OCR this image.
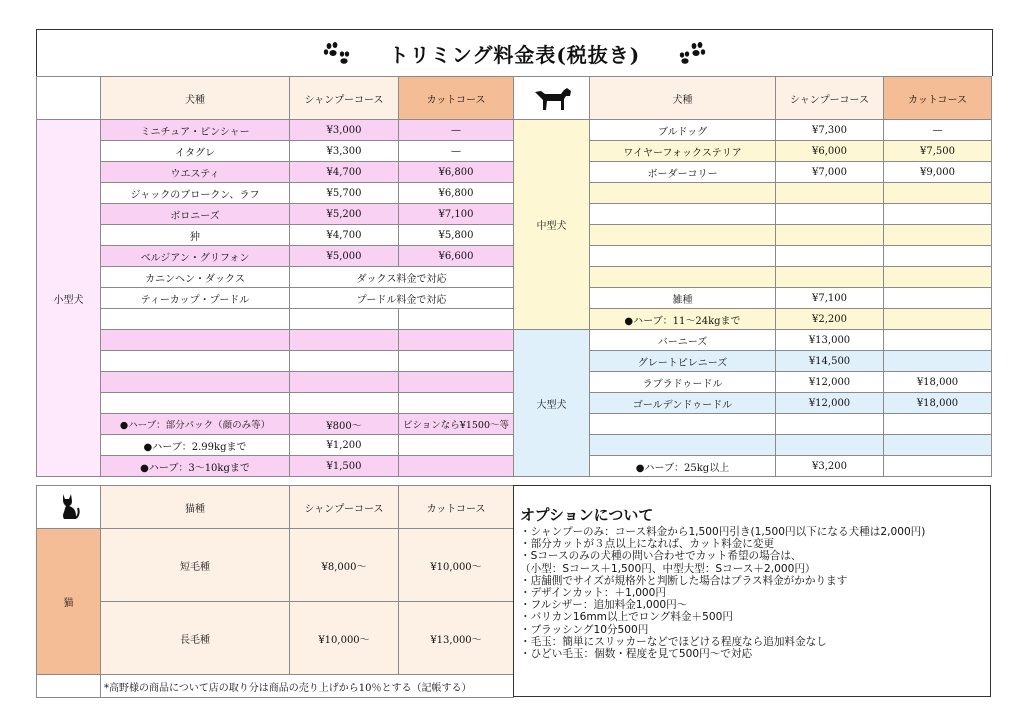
トリミング料金表(税抜き)
	犬種	シャンプーコース	カットコース		犬種	シャンプーコース	カットコース
小型犬	ミニチュア・ピンシャー	¥3,000	—	中型犬	ブルドッグ	¥7,300	—
	イタグレ	¥3,300	—		ワイヤーフォックステリア	¥6,000	¥7,500
	ウエスティ	¥4,700	¥6,800		ボーダーコリー	¥7,000	¥9,000
	ジャックのブロークン、ラフ	¥5,700	¥6,800				
	ボロニーズ	¥5,200	¥7,100				
	狆	¥4,700	¥5,800				
	ベルジアン・グリフォン	¥5,000	¥6,600				
	カニンヘン・ダックス	ダックス料金で対応					
	ティーカップ・プードル	プードル料金で対応			雑種	¥7,100	
					●ハーブ：11～24kgまで	¥2,200	
				大型犬	バーニーズ	¥13,000	
					グレートピレニーズ	¥14,500	
					ラブラドゥードル	¥12,000	¥18,000
					ゴールデンドゥードル	¥12,000	¥18,000
	●ハーブ：部分パック（顔のみ等）	¥800～	ビションなら¥1500～等				
	●ハーブ：2.99kgまで	¥1,200					
	●ハーブ：3～10kgまで	¥1,500			●ハーブ：25kg以上	¥3,200	
	猫種	シャンプーコース	カットコース
猫	短毛種	¥8,000～	¥10,000～
	長毛種	¥10,000～	¥13,000～
	*高野様の商品について店の取り分は商品の売り上げから10％とする（記帳する）		
オプションについて
・シャンプーのみ：コース料金から1,500円引き(1,500円以下になる犬種は2,000円)
・部分カットが３点以上になれば、カット料金に変更
・Sコースのみの犬種の問い合わせでカット希望の場合は、
（小型：Sコース＋1,500円、中型大型：Sコース＋2,000円）
・店舗側でサイズが規格外と判断した場合はプラス料金がかかります
・デザインカット：＋1,000円
・フルシザー：追加料金1,000円～
・バリカン16mm以上でロング料金＋500円
・ブラッシング10分500円
・毛玉：簡単にスリッカーなどでほどける程度なら追加料金なし
・ひどい毛玉：個数・程度を見て500円～で対応
